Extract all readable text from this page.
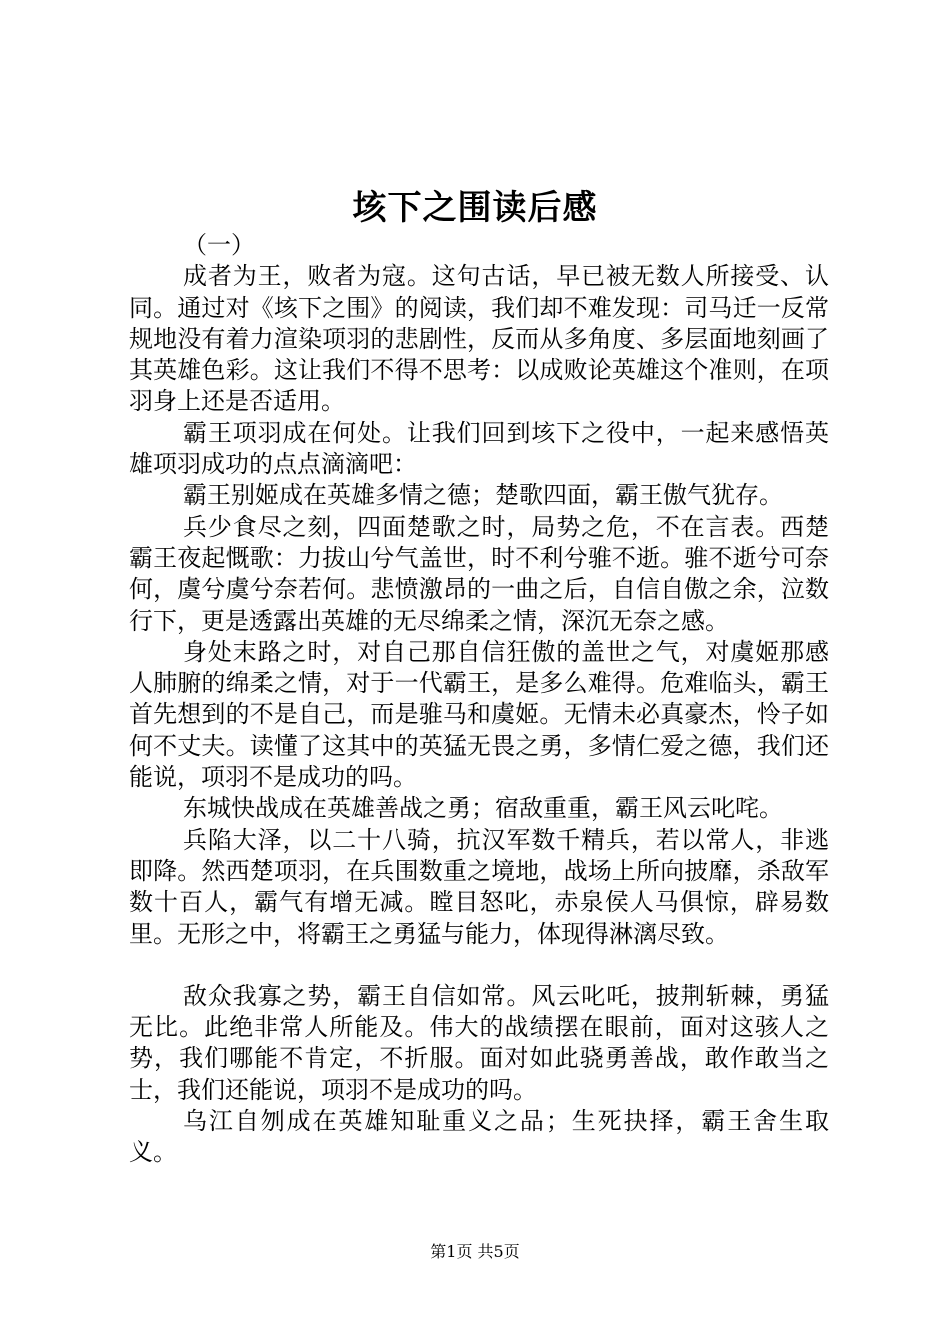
垓下之围读后感

（一）

成者为王，败者为寇。这句古话，早已被无数人所接受、认同。通过对《垓下之围》的阅读，我们却不难发现：司马迁一反常规地没有着力渲染项羽的悲剧性，反而从多角度、多层面地刻画了其英雄色彩。这让我们不得不思考：以成败论英雄这个准则，在项羽身上还是否适用。

霸王项羽成在何处。让我们回到垓下之役中，一起来感悟英雄项羽成功的点点滴滴吧：

霸王别姬成在英雄多情之德；楚歌四面，霸王傲气犹存。

兵少食尽之刻，四面楚歌之时，局势之危，不在言表。西楚霸王夜起慨歌：力拔山兮气盖世，时不利兮骓不逝。骓不逝兮可奈何，虞兮虞兮奈若何。悲愤激昂的一曲之后，自信自傲之余，泣数行下，更是透露出英雄的无尽绵柔之情，深沉无奈之感。

身处末路之时，对自己那自信狂傲的盖世之气，对虞姬那感人肺腑的绵柔之情，对于一代霸王，是多么难得。危难临头，霸王首先想到的不是自己，而是骓马和虞姬。无情未必真豪杰，怜子如何不丈夫。读懂了这其中的英猛无畏之勇，多情仁爱之德，我们还能说，项羽不是成功的吗。

东城快战成在英雄善战之勇；宿敌重重，霸王风云叱咤。

兵陷大泽，以二十八骑，抗汉军数千精兵，若以常人，非逃即降。然西楚项羽，在兵围数重之境地，战场上所向披靡，杀敌军数十百人，霸气有增无减。瞠目怒叱，赤泉侯人马俱惊，辟易数里。无形之中，将霸王之勇猛与能力，体现得淋漓尽致。

敌众我寡之势，霸王自信如常。风云叱吒，披荆斩棘，勇猛无比。此绝非常人所能及。伟大的战绩摆在眼前，面对这骇人之势，我们哪能不肯定，不折服。面对如此骁勇善战，敢作敢当之士，我们还能说，项羽不是成功的吗。

乌江自刎成在英雄知耻重义之品；生死抉择，霸王舍生取义。

第1页 共5页
